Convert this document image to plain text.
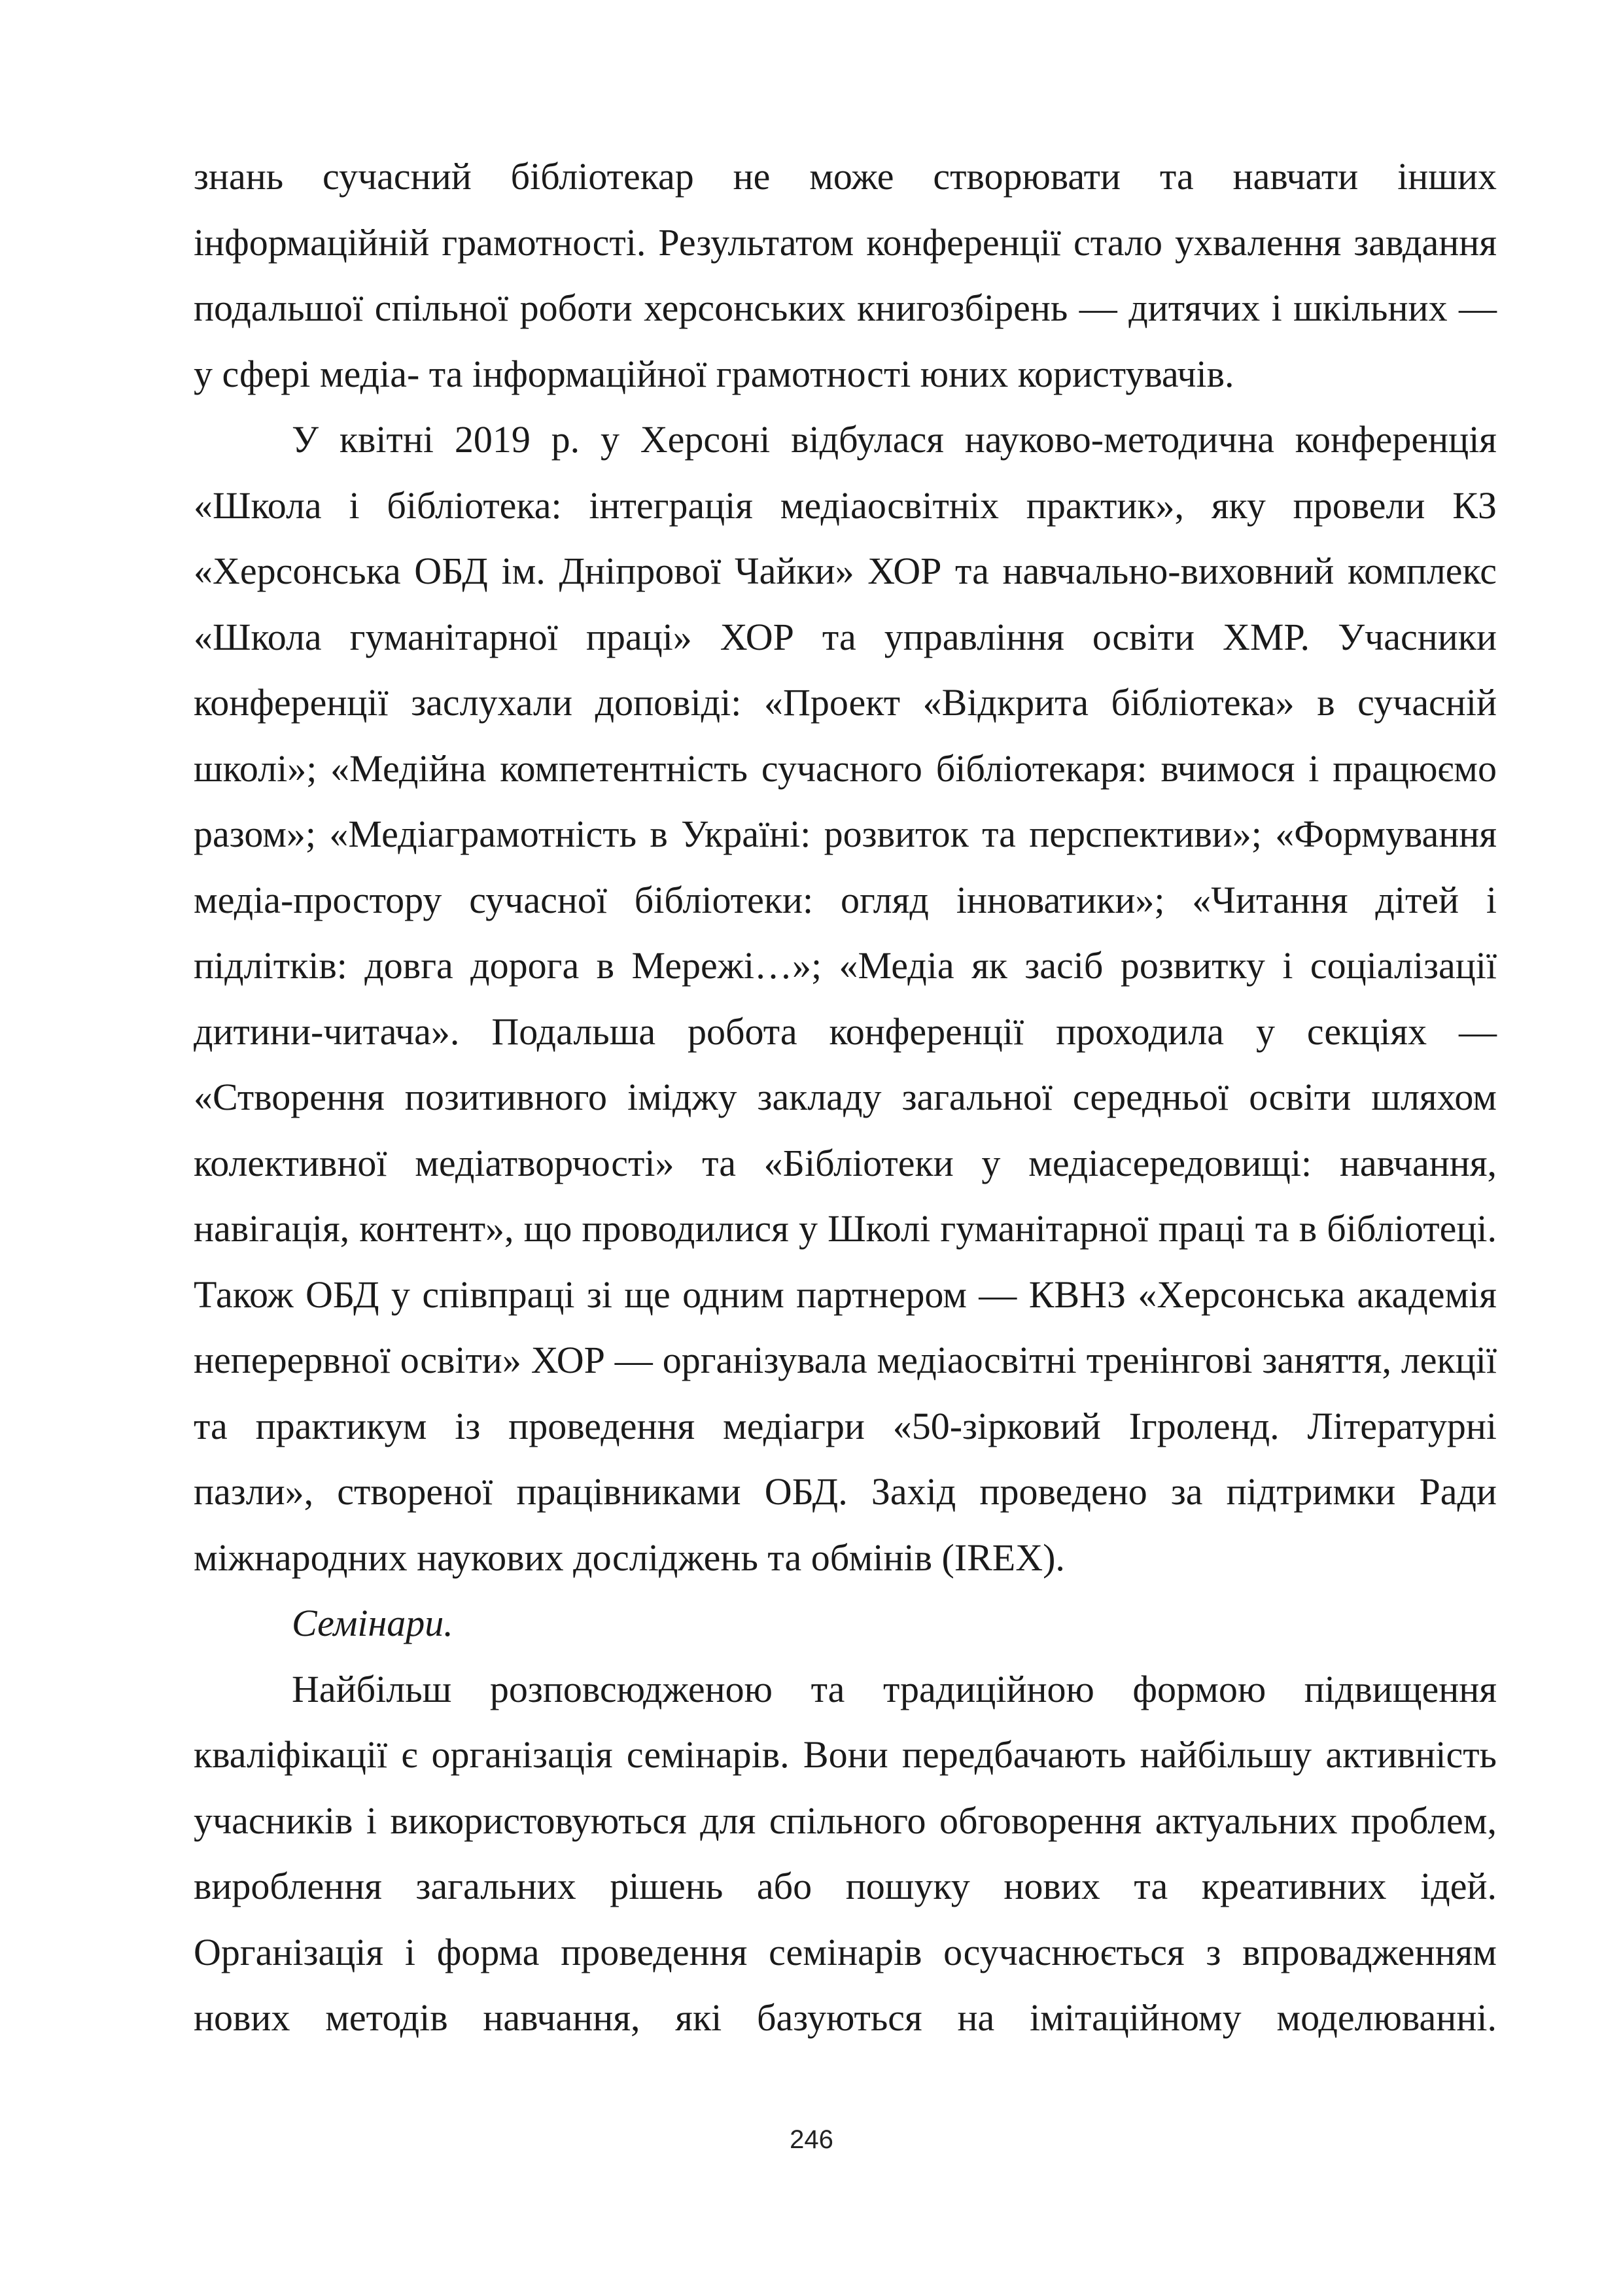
знань сучасний бібліотекар не може створювати та навчати інших
інформаційній грамотності. Результатом конференції стало ухвалення завдання
подальшої спільної роботи херсонських книгозбірень — дитячих і шкільних —
у сфері медіа- та інформаційної грамотності юних користувачів.
У квітні 2019 р. у Херсоні відбулася науково-методична конференція
«Школа і бібліотека: інтеграція медіаосвітніх практик», яку провели КЗ
«Херсонська ОБД ім. Дніпрової Чайки» ХОР та навчально-виховний комплекс
«Школа гуманітарної праці» ХОР та управління освіти ХМР. Учасники
конференції заслухали доповіді: «Проект «Відкрита бібліотека» в сучасній
школі»; «Медійна компетентність сучасного бібліотекаря: вчимося і працюємо
разом»; «Медіаграмотність в Україні: розвиток та перспективи»; «Формування
медіа-простору сучасної бібліотеки: огляд інноватики»; «Читання дітей і
підлітків: довга дорога в Мережі…»; «Медіа як засіб розвитку і соціалізації
дитини-читача». Подальша робота конференції проходила у секціях —
«Створення позитивного іміджу закладу загальної середньої освіти шляхом
колективної медіатворчості» та «Бібліотеки у медіасередовищі: навчання,
навігація, контент», що проводилися у Школі гуманітарної праці та в бібліотеці.
Також ОБД у співпраці зі ще одним партнером — КВНЗ «Херсонська академія
неперервної освіти» ХОР — організувала медіаосвітні тренінгові заняття, лекції
та практикум із проведення медіагри «50-зірковий Ігроленд. Літературні
пазли», створеної працівниками ОБД. Захід проведено за підтримки Ради
міжнародних наукових досліджень та обмінів (IREX).
Семінари.
Найбільш розповсюдженою та традиційною формою підвищення
кваліфікації є організація семінарів. Вони передбачають найбільшу активність
учасників і використовуються для спільного обговорення актуальних проблем,
вироблення загальних рішень або пошуку нових та креативних ідей.
Організація і форма проведення семінарів осучаснюється з впровадженням
нових методів навчання, які базуються на імітаційному моделюванні.
246
